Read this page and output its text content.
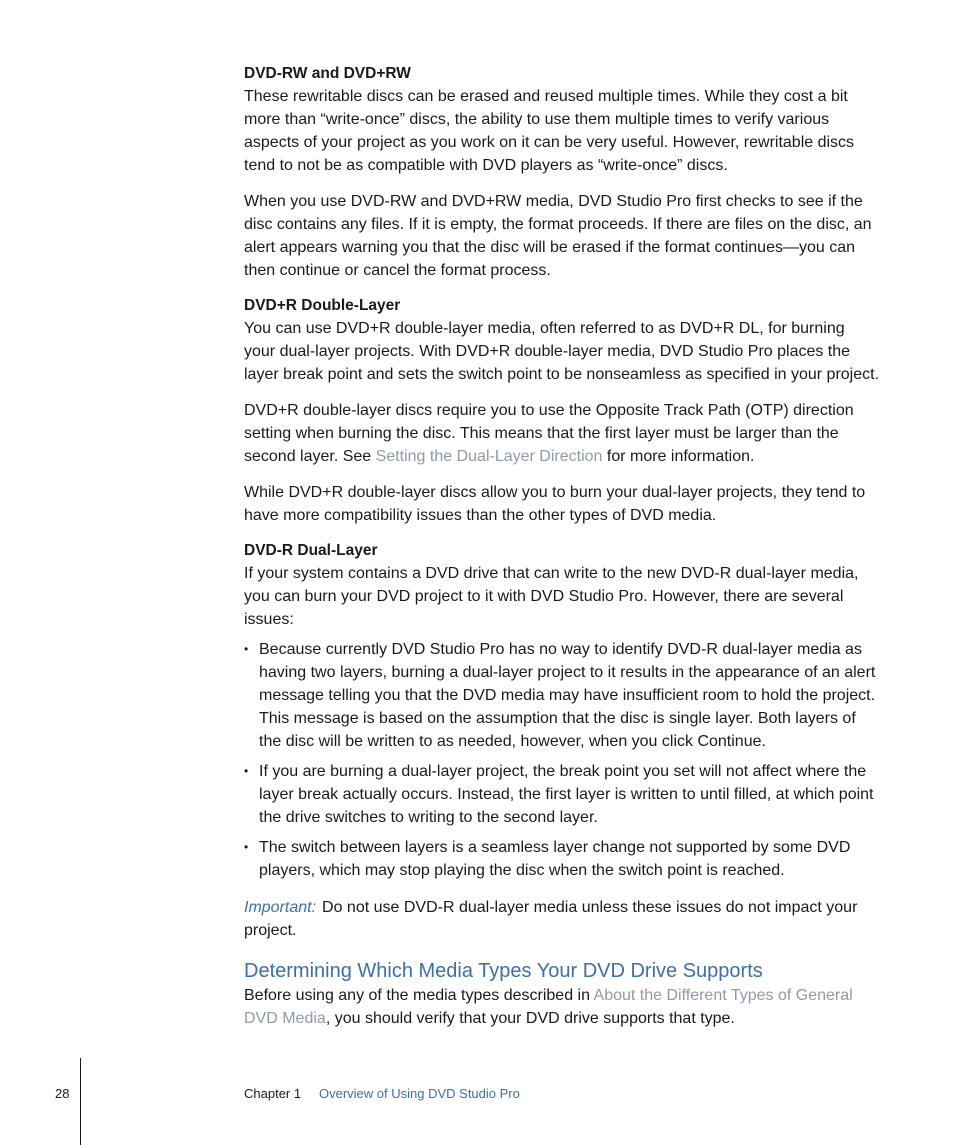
DVD-RW and DVD+RW

These rewritable discs can be erased and reused multiple times. While they cost a bit more than “write-once” discs, the ability to use them multiple times to verify various aspects of your project as you work on it can be very useful. However, rewritable discs tend to not be as compatible with DVD players as “write-once” discs.

When you use DVD-RW and DVD+RW media, DVD Studio Pro first checks to see if the disc contains any files. If it is empty, the format proceeds. If there are files on the disc, an alert appears warning you that the disc will be erased if the format continues—you can then continue or cancel the format process.

DVD+R Double-Layer

You can use DVD+R double-layer media, often referred to as DVD+R DL, for burning your dual-layer projects. With DVD+R double-layer media, DVD Studio Pro places the layer break point and sets the switch point to be nonseamless as specified in your project.

DVD+R double-layer discs require you to use the Opposite Track Path (OTP) direction setting when burning the disc. This means that the first layer must be larger than the second layer. See Setting the Dual-Layer Direction for more information.

While DVD+R double-layer discs allow you to burn your dual-layer projects, they tend to have more compatibility issues than the other types of DVD media.

DVD-R Dual-Layer

If your system contains a DVD drive that can write to the new DVD-R dual-layer media, you can burn your DVD project to it with DVD Studio Pro. However, there are several issues:

• Because currently DVD Studio Pro has no way to identify DVD-R dual-layer media as having two layers, burning a dual-layer project to it results in the appearance of an alert message telling you that the DVD media may have insufficient room to hold the project. This message is based on the assumption that the disc is single layer. Both layers of the disc will be written to as needed, however, when you click Continue.
• If you are burning a dual-layer project, the break point you set will not affect where the layer break actually occurs. Instead, the first layer is written to until filled, at which point the drive switches to writing to the second layer.
• The switch between layers is a seamless layer change not supported by some DVD players, which may stop playing the disc when the switch point is reached.

Important: Do not use DVD-R dual-layer media unless these issues do not impact your project.

Determining Which Media Types Your DVD Drive Supports

Before using any of the media types described in About the Different Types of General DVD Media, you should verify that your DVD drive supports that type.

28	Chapter 1 Overview of Using DVD Studio Pro
